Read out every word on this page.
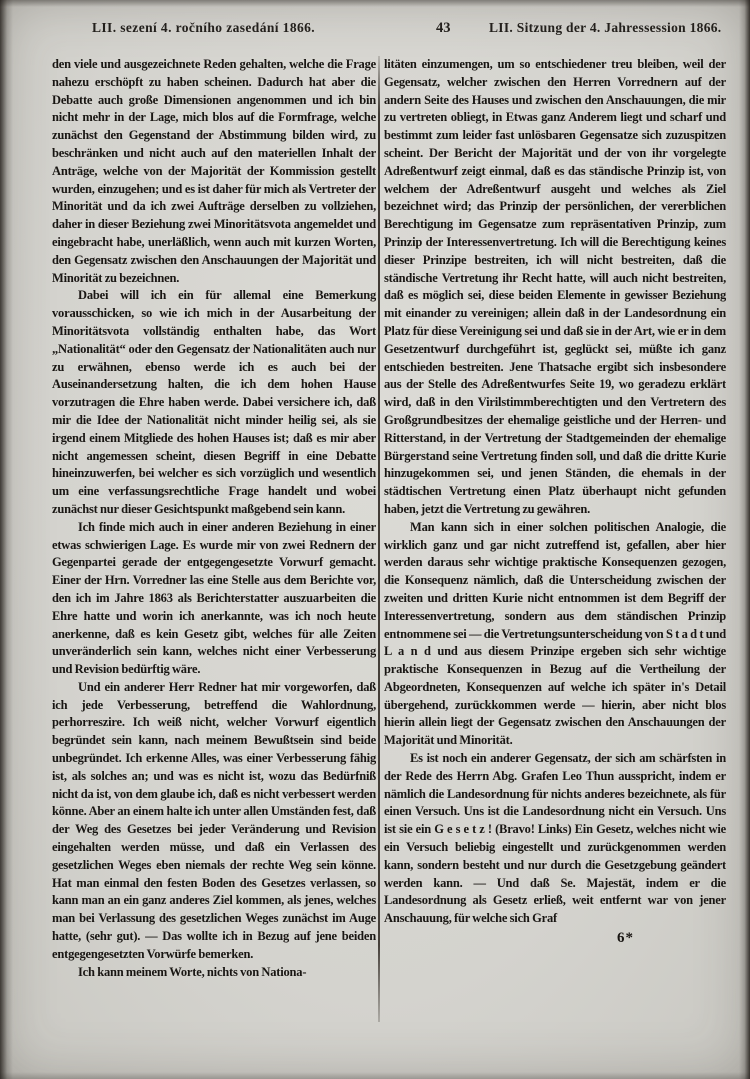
LII. sezení 4. ročního zasedání 1866.	43	LII. Sitzung der 4. Jahressession 1866.

den viele und ausgezeichnete Reden gehalten, welche die Frage nahezu erschöpft zu haben scheinen. Dadurch hat aber die Debatte auch große Dimensionen angenommen und ich bin nicht mehr in der Lage, mich blos auf die Formfrage, welche zunächst den Gegenstand der Abstimmung bilden wird, zu beschränken und nicht auch auf den materiellen Inhalt der Anträge, welche von der Majorität der Kommission gestellt wurden, einzugehen; und es ist daher für mich als Vertreter der Minorität und da ich zwei Aufträge derselben zu vollziehen, daher in dieser Beziehung zwei Minoritätsvota angemeldet und eingebracht habe, unerläßlich, wenn auch mit kurzen Worten, den Gegensatz zwischen den Anschauungen der Majorität und Minorität zu bezeichnen.

Dabei will ich ein für allemal eine Bemerkung vorausschicken, so wie ich mich in der Ausarbeitung der Minoritätsvota vollständig enthalten habe, das Wort „Nationalität“ oder den Gegensatz der Nationalitäten auch nur zu erwähnen, ebenso werde ich es auch bei der Auseinandersetzung halten, die ich dem hohen Hause vorzutragen die Ehre haben werde. Dabei versichere ich, daß mir die Idee der Nationalität nicht minder heilig sei, als sie irgend einem Mitgliede des hohen Hauses ist; daß es mir aber nicht angemessen scheint, diesen Begriff in eine Debatte hineinzuwerfen, bei welcher es sich vorzüglich und wesentlich um eine verfassungsrechtliche Frage handelt und wobei zunächst nur dieser Gesichtspunkt maßgebend sein kann.

Ich finde mich auch in einer anderen Beziehung in einer etwas schwierigen Lage. Es wurde mir von zwei Rednern der Gegenpartei gerade der entgegengesetzte Vorwurf gemacht. Einer der Hrn. Vorredner las eine Stelle aus dem Berichte vor, den ich im Jahre 1863 als Berichterstatter auszuarbeiten die Ehre hatte und worin ich anerkannte, was ich noch heute anerkenne, daß es kein Gesetz gibt, welches für alle Zeiten unveränderlich sein kann, welches nicht einer Verbesserung und Revision bedürftig wäre.

Und ein anderer Herr Redner hat mir vorgeworfen, daß ich jede Verbesserung, betreffend die Wahlordnung, perhorreszire. Ich weiß nicht, welcher Vorwurf eigentlich begründet sein kann, nach meinem Bewußtsein sind beide unbegründet. Ich erkenne Alles, was einer Verbesserung fähig ist, als solches an; und was es nicht ist, wozu das Bedürfniß nicht da ist, von dem glaube ich, daß es nicht verbessert werden könne. Aber an einem halte ich unter allen Umständen fest, daß der Weg des Gesetzes bei jeder Veränderung und Revision eingehalten werden müsse, und daß ein Verlassen des gesetzlichen Weges eben niemals der rechte Weg sein könne. Hat man einmal den festen Boden des Gesetzes verlassen, so kann man an ein ganz anderes Ziel kommen, als jenes, welches man bei Verlassung des gesetzlichen Weges zunächst im Auge hatte, (sehr gut). — Das wollte ich in Bezug auf jene beiden entgegengesetzten Vorwürfe bemerken.

Ich kann meinem Worte, nichts von Nationa-

litäten einzumengen, um so entschiedener treu bleiben, weil der Gegensatz, welcher zwischen den Herren Vorrednern auf der andern Seite des Hauses und zwischen den Anschauungen, die mir zu vertreten obliegt, in Etwas ganz Anderem liegt und scharf und bestimmt zum leider fast unlösbaren Gegensatze sich zuzuspitzen scheint. Der Bericht der Majorität und der von ihr vorgelegte Adreßentwurf zeigt einmal, daß es das ständische Prinzip ist, von welchem der Adreßentwurf ausgeht und welches als Ziel bezeichnet wird; das Prinzip der persönlichen, der vererblichen Berechtigung im Gegensatze zum repräsentativen Prinzip, zum Prinzip der Interessenvertretung. Ich will die Berechtigung keines dieser Prinzipe bestreiten, ich will nicht bestreiten, daß die ständische Vertretung ihr Recht hatte, will auch nicht bestreiten, daß es möglich sei, diese beiden Elemente in gewisser Beziehung mit einander zu vereinigen; allein daß in der Landesordnung ein Platz für diese Vereinigung sei und daß sie in der Art, wie er in dem Gesetzentwurf durchgeführt ist, geglückt sei, müßte ich ganz entschieden bestreiten. Jene Thatsache ergibt sich insbesondere aus der Stelle des Adreßentwurfes Seite 19, wo geradezu erklärt wird, daß in den Virilstimmberechtigten und den Vertretern des Großgrundbesitzes der ehemalige geistliche und der Herren- und Ritterstand, in der Vertretung der Stadtgemeinden der ehemalige Bürgerstand seine Vertretung finden soll, und daß die dritte Kurie hinzugekommen sei, und jenen Ständen, die ehemals in der städtischen Vertretung einen Platz überhaupt nicht gefunden haben, jetzt die Vertretung zu gewähren.

Man kann sich in einer solchen politischen Analogie, die wirklich ganz und gar nicht zutreffend ist, gefallen, aber hier werden daraus sehr wichtige praktische Konsequenzen gezogen, die Konsequenz nämlich, daß die Unterscheidung zwischen der zweiten und dritten Kurie nicht entnommen ist dem Begriff der Interessenvertretung, sondern aus dem ständischen Prinzip entnommene sei — die Vertretungsunterscheidung von S t a d t und L a n d und aus diesem Prinzipe ergeben sich sehr wichtige praktische Konsequenzen in Bezug auf die Vertheilung der Abgeordneten, Konsequenzen auf welche ich später in's Detail übergehend, zurückkommen werde — hierin, aber nicht blos hierin allein liegt der Gegensatz zwischen den Anschauungen der Majorität und Minorität.

Es ist noch ein anderer Gegensatz, der sich am schärfsten in der Rede des Herrn Abg. Grafen Leo Thun ausspricht, indem er nämlich die Landesordnung für nichts anderes bezeichnete, als für einen Versuch. Uns ist die Landesordnung nicht ein Versuch. Uns ist sie ein G e s e t z ! (Bravo! Links) Ein Gesetz, welches nicht wie ein Versuch beliebig eingestellt und zurückgenommen werden kann, sondern besteht und nur durch die Gesetzgebung geändert werden kann. — Und daß Se. Majestät, indem er die Landesordnung als Gesetz erließ, weit entfernt war von jener Anschauung, für welche sich Graf

6*
